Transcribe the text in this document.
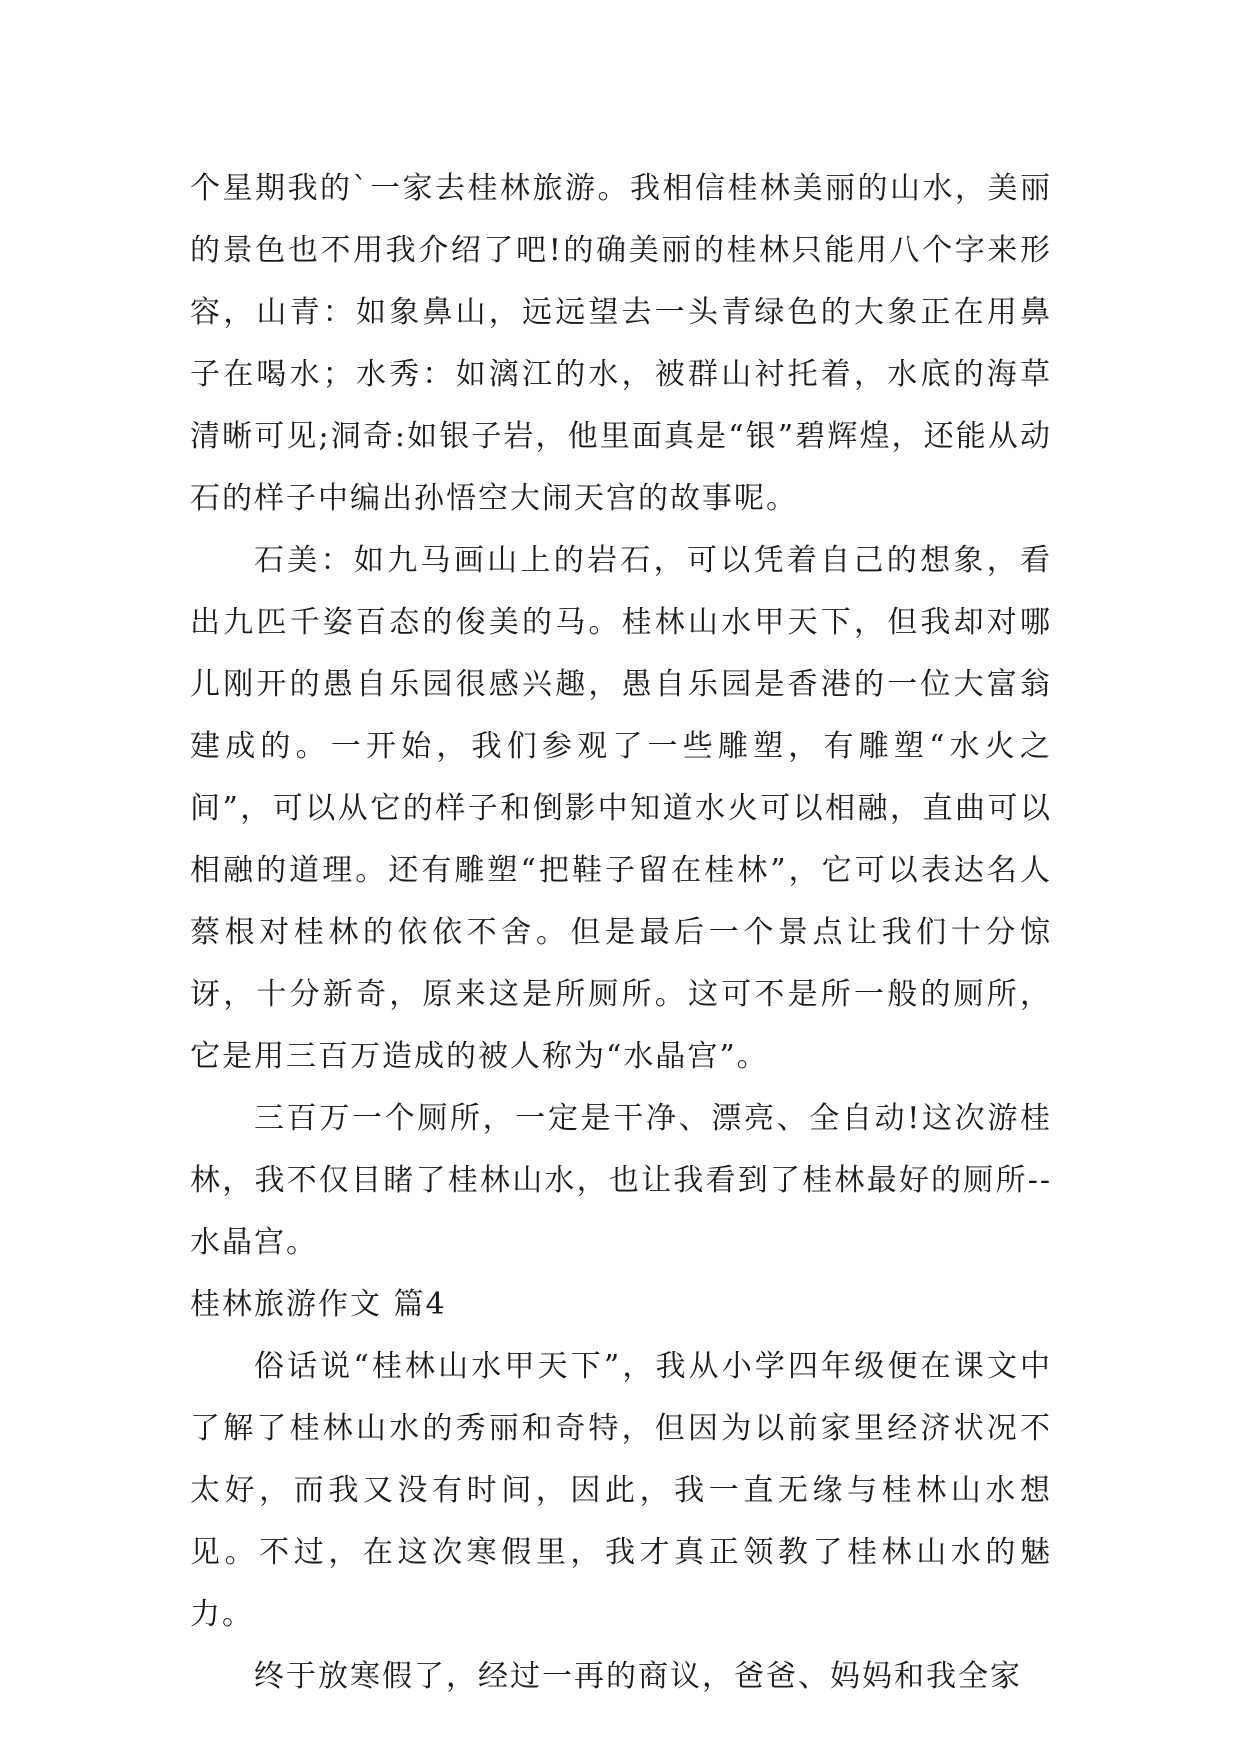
个星期我的`一家去桂林旅游。我相信桂林美丽的山水，美丽的景色也不用我介绍了吧!的确美丽的桂林只能用八个字来形容，山青：如象鼻山，远远望去一头青绿色的大象正在用鼻子在喝水；水秀：如漓江的水，被群山衬托着，水底的海草清晰可见;洞奇:如银子岩，他里面真是“银”碧辉煌，还能从动石的样子中编出孙悟空大闹天宫的故事呢。

石美：如九马画山上的岩石，可以凭着自己的想象，看出九匹千姿百态的俊美的马。桂林山水甲天下，但我却对哪儿刚开的愚自乐园很感兴趣，愚自乐园是香港的一位大富翁建成的。一开始，我们参观了一些雕塑，有雕塑“水火之间”，可以从它的样子和倒影中知道水火可以相融，直曲可以相融的道理。还有雕塑“把鞋子留在桂林”，它可以表达名人蔡根对桂林的依依不舍。但是最后一个景点让我们十分惊讶，十分新奇，原来这是所厕所。这可不是所一般的厕所，它是用三百万造成的被人称为“水晶宫”。

三百万一个厕所，一定是干净、漂亮、全自动!这次游桂林，我不仅目睹了桂林山水，也让我看到了桂林最好的厕所--水晶宫。

桂林旅游作文 篇4

俗话说“桂林山水甲天下”，我从小学四年级便在课文中了解了桂林山水的秀丽和奇特，但因为以前家里经济状况不太好，而我又没有时间，因此，我一直无缘与桂林山水想见。不过，在这次寒假里，我才真正领教了桂林山水的魅力。

终于放寒假了，经过一再的商议，爸爸、妈妈和我全家
